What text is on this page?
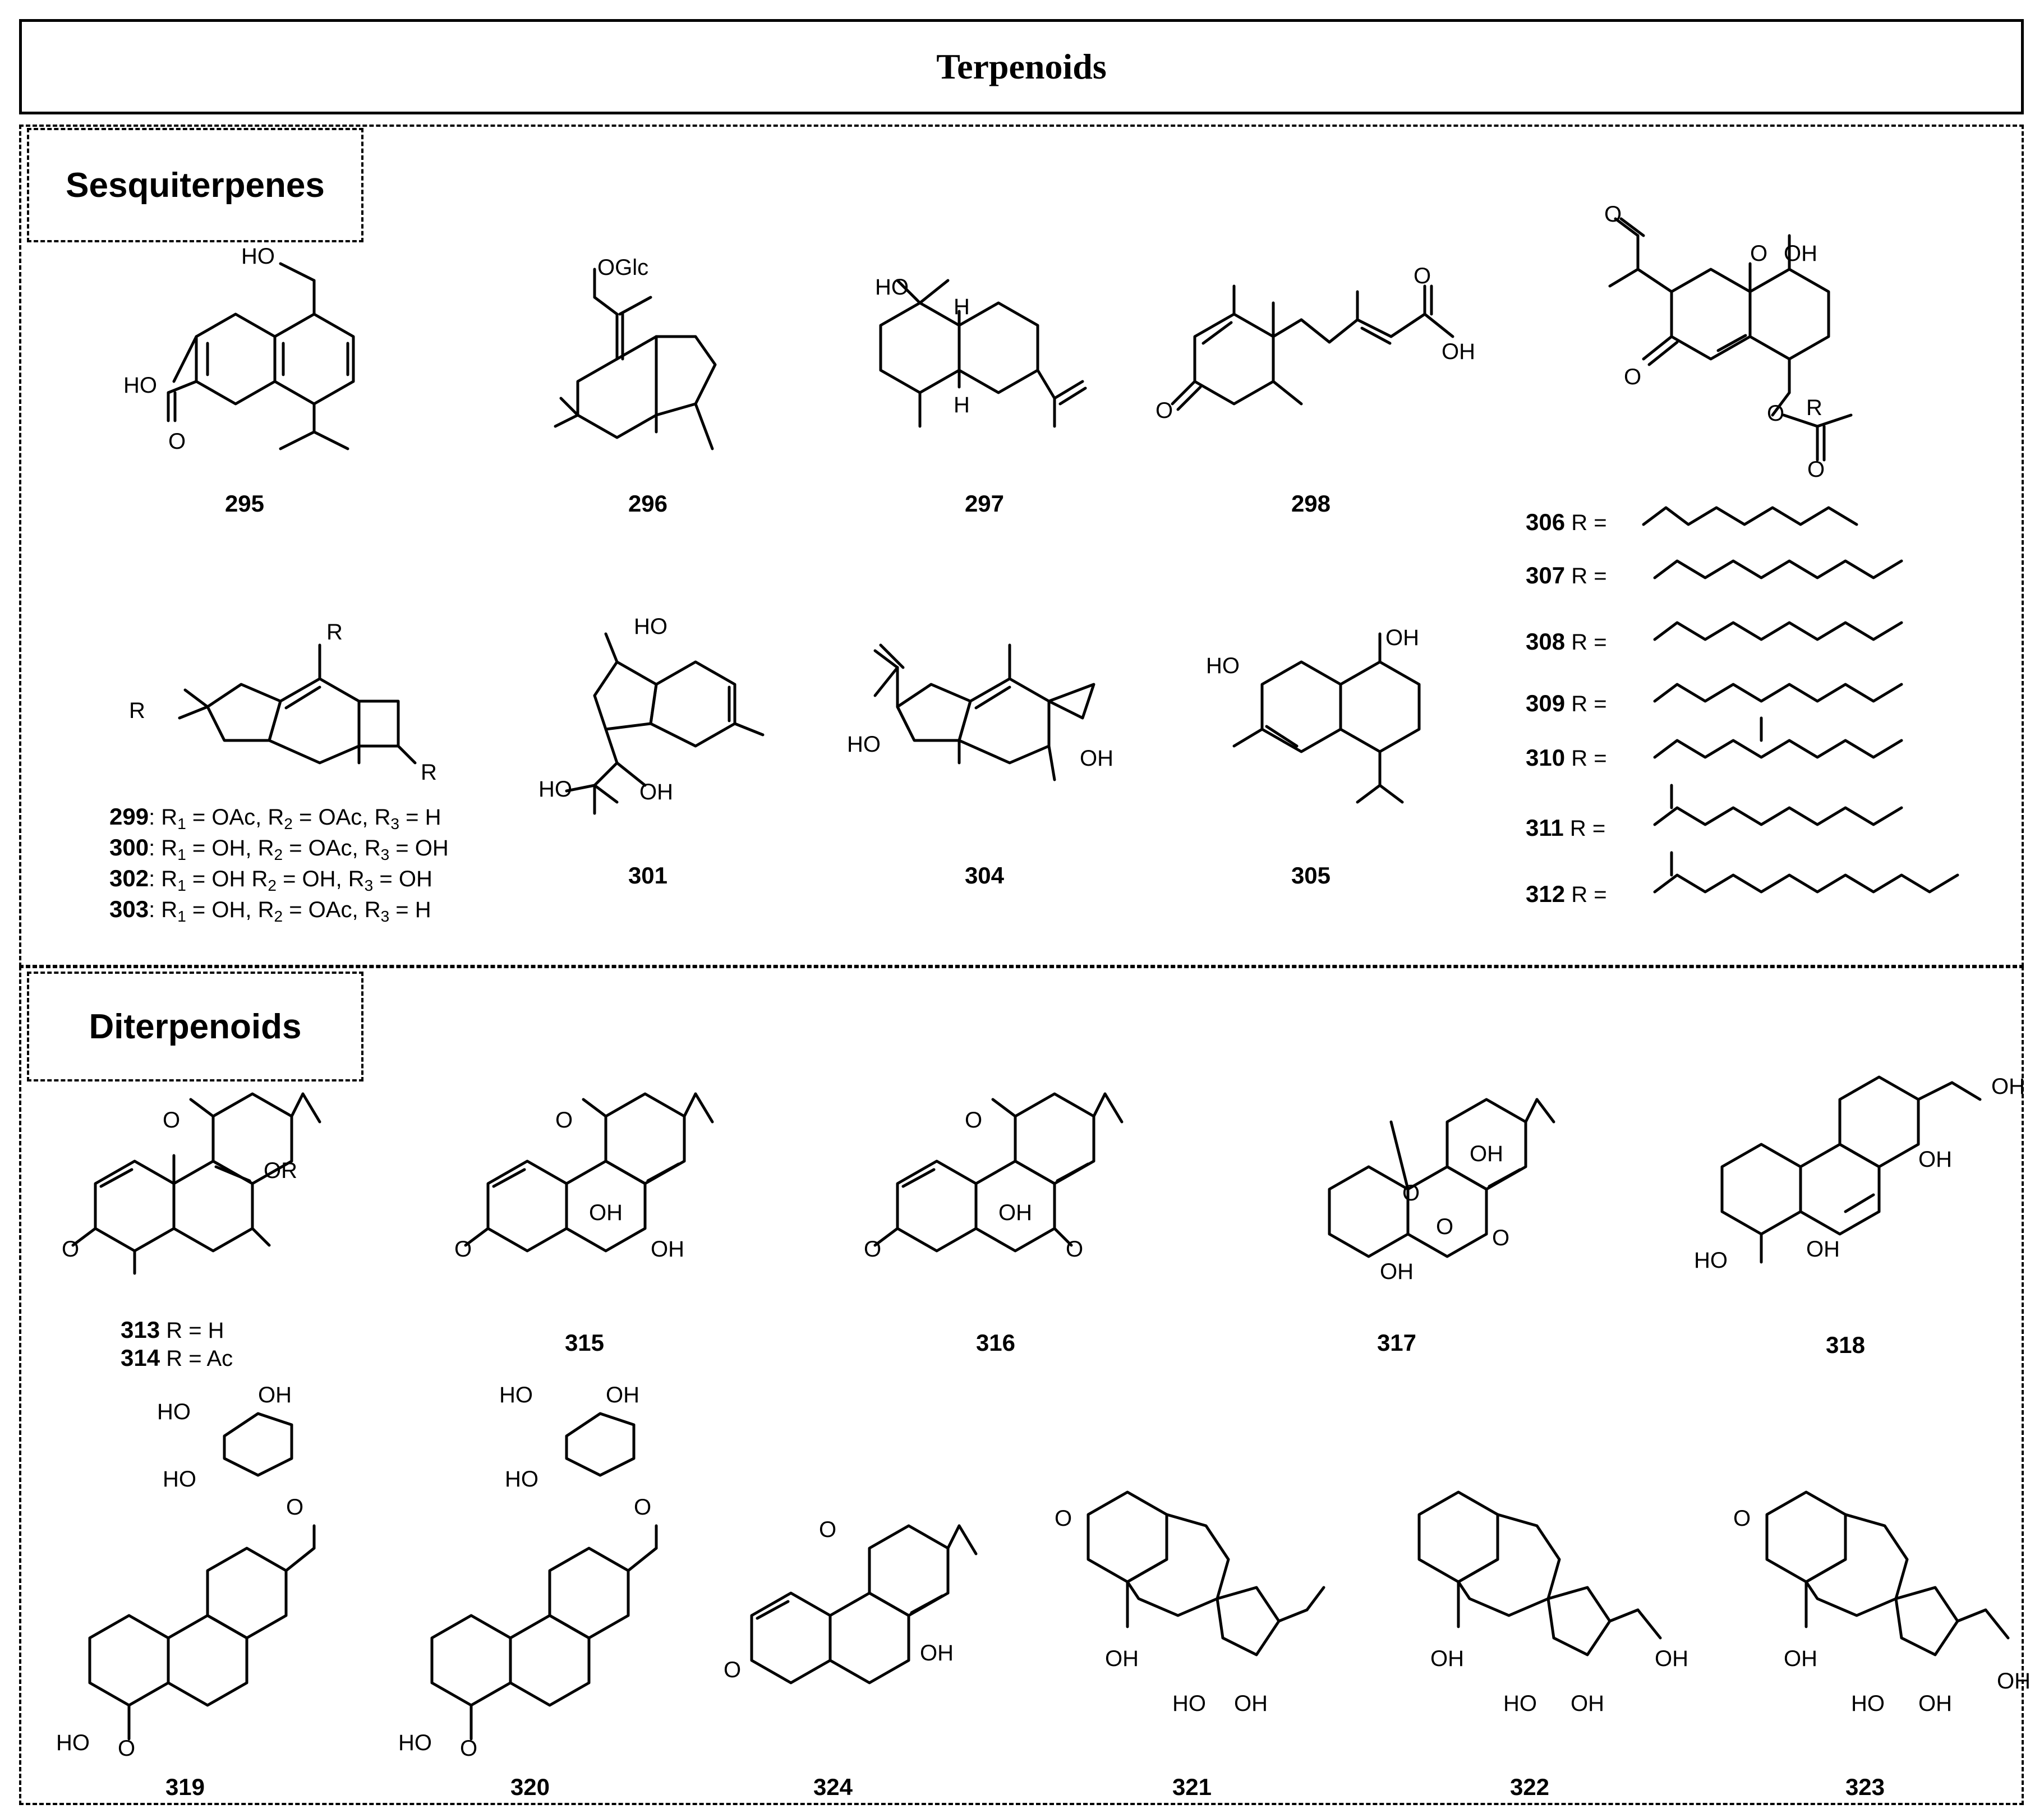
Terpenoids
Sesquiterpenes
Diterpenoids
HO
HO
O
OGlc
HO
H
H	O
OH
O
O
O
O OH
O R
O
R
R
R
HO
HO	OH
HO
OH
HO
OH
O
O
OR
O
O
OH
OH	O
O
OH
O
O
OH
O O
OH
OH
OH
OH
HO
HO
HO
OH
O
HO O
HO
HO
OH
O
HO O
O
O
OH
O
OH
HO OH
OH
HO OH
OH
O
OH
HO OH
OH
295	296	297	298
301	304	305
315	316	317	318
319	320	324	321	322	323
306 R =
307 R =
308 R =
309 R =
310 R =
311 R =
312 R =
299: $R_1$ = OAc, $R_2$ = OAc, $R_3 = H$
300: $R_1$ = OH, $R_2$ = OAc, $R_3$ = OH
302: $R_1$ = OH $R_2$ = OH, $R_3$ = OH
303: $R_1$ = OH, $R_2$ = OAc, $R_3 = H$
313 R = H
314 R = Ac
